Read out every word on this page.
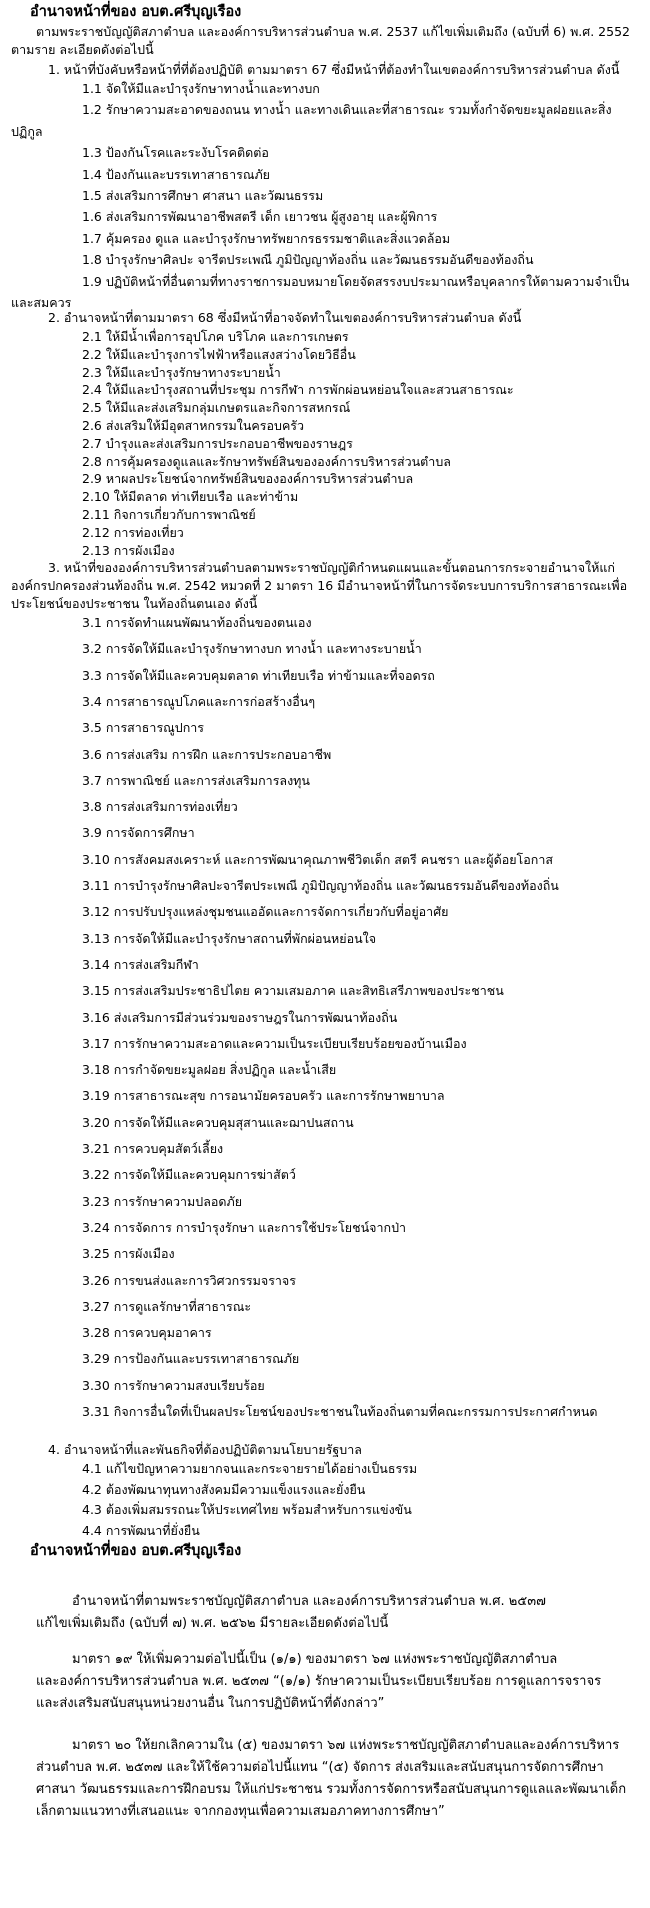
อำนาจหน้าที่ของ อบต.ศรีบุญเรือง
ตามพระราชบัญญัติสภาตำบล และองค์การบริหารส่วนตำบล พ.ศ. 2537 แก้ไขเพิ่มเติมถึง (ฉบับที่ 6) พ.ศ. 2552
ตามราย ละเอียดดังต่อไปนี้
1. หน้าที่บังคับหรือหน้าที่ที่ต้องปฏิบัติ ตามมาตรา 67 ซึ่งมีหน้าที่ต้องทำในเขตองค์การบริหารส่วนตำบล ดังนี้
1.1 จัดให้มีและบำรุงรักษาทางน้ำและทางบก
1.2 รักษาความสะอาดของถนน ทางน้ำ และทางเดินและที่สาธารณะ รวมทั้งกำจัดขยะมูลฝอยและสิ่ง
ปฏิกูล
1.3 ป้องกันโรคและระงับโรคติดต่อ
1.4 ป้องกันและบรรเทาสาธารณภัย
1.5 ส่งเสริมการศึกษา ศาสนา และวัฒนธรรม
1.6 ส่งเสริมการพัฒนาอาชีพสตรี เด็ก เยาวชน ผู้สูงอายุ และผู้พิการ
1.7 คุ้มครอง ดูแล และบำรุงรักษาทรัพยากรธรรมชาติและสิ่งแวดล้อม
1.8 บำรุงรักษาศิลปะ จารีตประเพณี ภูมิปัญญาท้องถิ่น และวัฒนธรรมอันดีของท้องถิ่น
1.9 ปฏิบัติหน้าที่อื่นตามที่ทางราชการมอบหมายโดยจัดสรรงบประมาณหรือบุคลากรให้ตามความจำเป็น
และสมควร
2. อำนาจหน้าที่ตามมาตรา 68 ซึ่งมีหน้าที่อาจจัดทำในเขตองค์การบริหารส่วนตำบล ดังนี้
2.1 ให้มีน้ำเพื่อการอุปโภค บริโภค และการเกษตร
2.2 ให้มีและบำรุงการไฟฟ้าหรือแสงสว่างโดยวิธีอื่น
2.3 ให้มีและบำรุงรักษาทางระบายน้ำ
2.4 ให้มีและบำรุงสถานที่ประชุม การกีฬา การพักผ่อนหย่อนใจและสวนสาธารณะ
2.5 ให้มีและส่งเสริมกลุ่มเกษตรและกิจการสหกรณ์
2.6 ส่งเสริมให้มีอุตสาหกรรมในครอบครัว
2.7 บำรุงและส่งเสริมการประกอบอาชีพของราษฎร
2.8 การคุ้มครองดูแลและรักษาทรัพย์สินขององค์การบริหารส่วนตำบล
2.9 หาผลประโยชน์จากทรัพย์สินขององค์การบริหารส่วนตำบล
2.10 ให้มีตลาด ท่าเทียบเรือ และท่าข้าม
2.11 กิจการเกี่ยวกับการพาณิชย์
2.12 การท่องเที่ยว
2.13 การผังเมือง
3. หน้าที่ขององค์การบริหารส่วนตำบลตามพระราชบัญญัติกำหนดแผนและขั้นตอนการกระจายอำนาจให้แก่
องค์กรปกครองส่วนท้องถิ่น พ.ศ. 2542 หมวดที่ 2 มาตรา 16 มีอำนาจหน้าที่ในการจัดระบบการบริการสาธารณะเพื่อ
ประโยชน์ของประชาชน ในท้องถิ่นตนเอง ดังนี้
3.1 การจัดทำแผนพัฒนาท้องถิ่นของตนเอง
3.2 การจัดให้มีและบำรุงรักษาทางบก ทางน้ำ และทางระบายน้ำ
3.3 การจัดให้มีและควบคุมตลาด ท่าเทียบเรือ ท่าข้ามและที่จอดรถ
3.4 การสาธารณูปโภคและการก่อสร้างอื่นๆ
3.5 การสาธารณูปการ
3.6 การส่งเสริม การฝึก และการประกอบอาชีพ
3.7 การพาณิชย์ และการส่งเสริมการลงทุน
3.8 การส่งเสริมการท่องเที่ยว
3.9 การจัดการศึกษา
3.10 การสังคมสงเคราะห์ และการพัฒนาคุณภาพชีวิตเด็ก สตรี คนชรา และผู้ด้อยโอกาส
3.11 การบำรุงรักษาศิลปะจารีตประเพณี ภูมิปัญญาท้องถิ่น และวัฒนธรรมอันดีของท้องถิ่น
3.12 การปรับปรุงแหล่งชุมชนแออัดและการจัดการเกี่ยวกับที่อยู่อาศัย
3.13 การจัดให้มีและบำรุงรักษาสถานที่พักผ่อนหย่อนใจ
3.14 การส่งเสริมกีฬา
3.15 การส่งเสริมประชาธิปไตย ความเสมอภาค และสิทธิเสรีภาพของประชาชน
3.16 ส่งเสริมการมีส่วนร่วมของราษฎรในการพัฒนาท้องถิ่น
3.17 การรักษาความสะอาดและความเป็นระเบียบเรียบร้อยของบ้านเมือง
3.18 การกำจัดขยะมูลฝอย สิ่งปฏิกูล และน้ำเสีย
3.19 การสาธารณะสุข การอนามัยครอบครัว และการรักษาพยาบาล
3.20 การจัดให้มีและควบคุมสุสานและฌาปนสถาน
3.21 การควบคุมสัตว์เลี้ยง
3.22 การจัดให้มีและควบคุมการฆ่าสัตว์
3.23 การรักษาความปลอดภัย
3.24 การจัดการ การบำรุงรักษา และการใช้ประโยชน์จากป่า
3.25 การผังเมือง
3.26 การขนส่งและการวิศวกรรมจราจร
3.27 การดูแลรักษาที่สาธารณะ
3.28 การควบคุมอาคาร
3.29 การป้องกันและบรรเทาสาธารณภัย
3.30 การรักษาความสงบเรียบร้อย
3.31 กิจการอื่นใดที่เป็นผลประโยชน์ของประชาชนในท้องถิ่นตามที่คณะกรรมการประกาศกำหนด
4. อำนาจหน้าที่และพันธกิจที่ต้องปฏิบัติตามนโยบายรัฐบาล
4.1 แก้ไขปัญหาความยากจนและกระจายรายได้อย่างเป็นธรรม
4.2 ต้องพัฒนาทุนทางสังคมมีความแข็งแรงและยั่งยืน
4.3 ต้องเพิ่มสมรรถนะให้ประเทศไทย พร้อมสำหรับการแข่งขัน
4.4 การพัฒนาที่ยั่งยืน
อำนาจหน้าที่ของ อบต.ศรีบุญเรือง
อำนาจหน้าที่ตามพระราชบัญญัติสภาตำบล และองค์การบริหารส่วนตำบล พ.ศ. ๒๕๓๗
แก้ไขเพิ่มเติมถึง (ฉบับที่ ๗) พ.ศ. ๒๕๖๒ มีรายละเอียดดังต่อไปนี้
มาตรา ๑๙ ให้เพิ่มความต่อไปนี้เป็น (๑/๑) ของมาตรา ๖๗ แห่งพระราชบัญญัติสภาตำบล
และองค์การบริหารส่วนตำบล พ.ศ. ๒๕๓๗ “(๑/๑) รักษาความเป็นระเบียบเรียบร้อย การดูแลการจราจร
และส่งเสริมสนับสนุนหน่วยงานอื่น ในการปฏิบัติหน้าที่ดังกล่าว”
มาตรา ๒๐ ให้ยกเลิกความใน (๕) ของมาตรา ๖๗ แห่งพระราชบัญญัติสภาตำบลและองค์การบริหาร
ส่วนตำบล พ.ศ. ๒๕๓๗ และให้ใช้ความต่อไปนี้แทน “(๕) จัดการ ส่งเสริมและสนับสนุนการจัดการศึกษา
ศาสนา วัฒนธรรมและการฝึกอบรม ให้แก่ประชาชน รวมทั้งการจัดการหรือสนับสนุนการดูแลและพัฒนาเด็ก
เล็กตามแนวทางที่เสนอแนะ จากกองทุนเพื่อความเสมอภาคทางการศึกษา”
